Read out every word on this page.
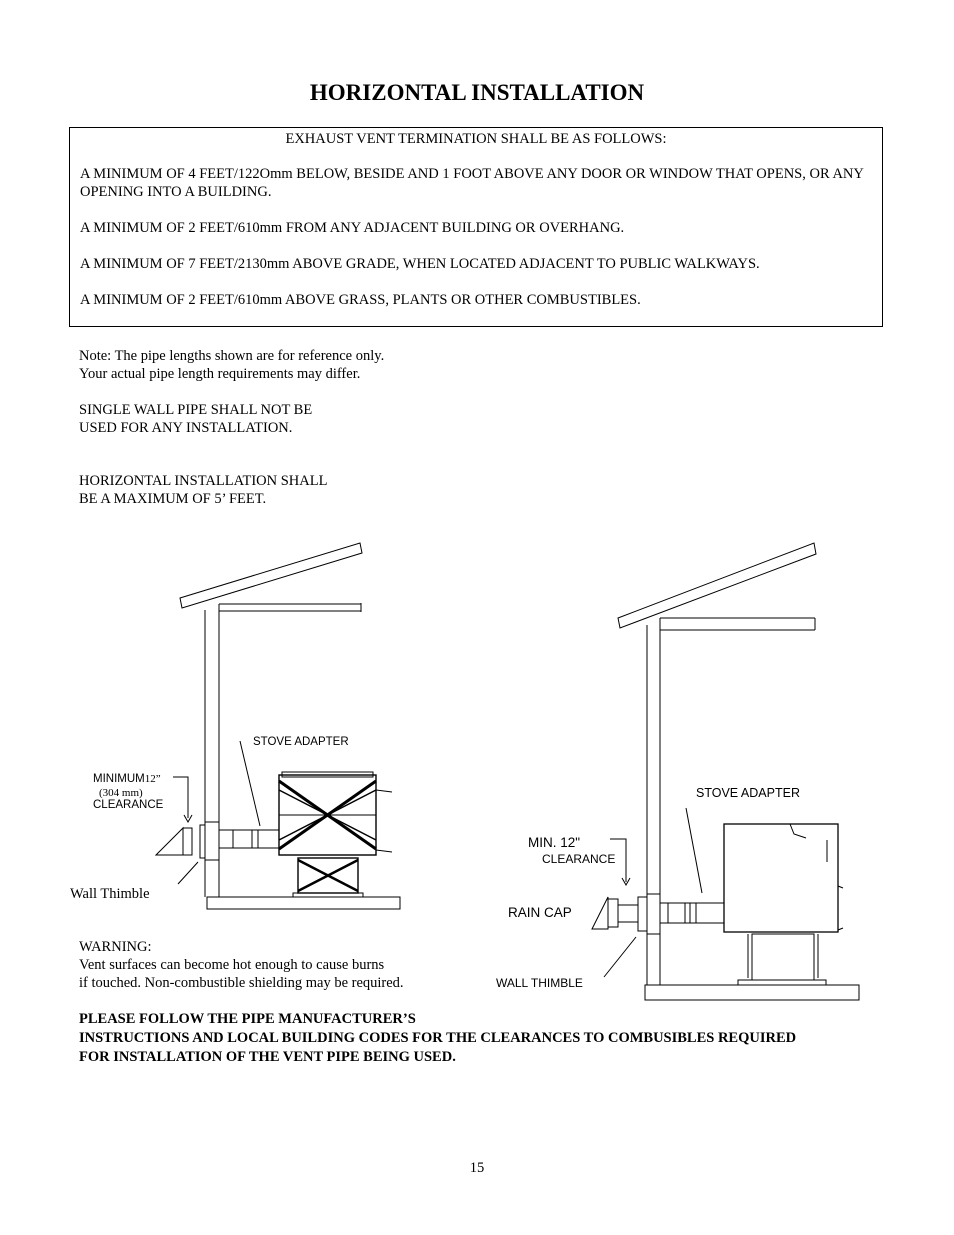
HORIZONTAL INSTALLATION
EXHAUST VENT TERMINATION SHALL BE AS FOLLOWS:
A MINIMUM OF 4 FEET/122Omm BELOW, BESIDE AND 1 FOOT ABOVE ANY DOOR OR WINDOW THAT OPENS, OR ANY OPENING INTO A BUILDING.
A MINIMUM OF 2 FEET/610mm FROM ANY ADJACENT BUILDING OR OVERHANG.
A MINIMUM OF 7 FEET/2130mm ABOVE GRADE, WHEN LOCATED ADJACENT TO PUBLIC WALKWAYS.
A MINIMUM OF 2 FEET/610mm ABOVE GRASS, PLANTS OR OTHER COMBUSTIBLES.
Note: The pipe lengths shown are for reference only.
Your actual pipe length requirements may differ.
SINGLE WALL PIPE SHALL NOT BE
USED FOR ANY INSTALLATION.
HORIZONTAL INSTALLATION SHALL
BE A MAXIMUM OF 5’ FEET.
STOVE ADAPTER
MINIMUM12”
(304 mm)
CLEARANCE
Wall Thimble
STOVE ADAPTER
MIN. 12"
CLEARANCE
RAIN CAP
WALL THIMBLE
WARNING:
Vent surfaces can become hot enough to cause burns
if touched. Non-combustible shielding may be required.
PLEASE FOLLOW THE PIPE MANUFACTURER’S
INSTRUCTIONS AND LOCAL BUILDING CODES FOR THE CLEARANCES TO COMBUSIBLES REQUIRED
FOR INSTALLATION OF THE VENT PIPE BEING USED.
15
